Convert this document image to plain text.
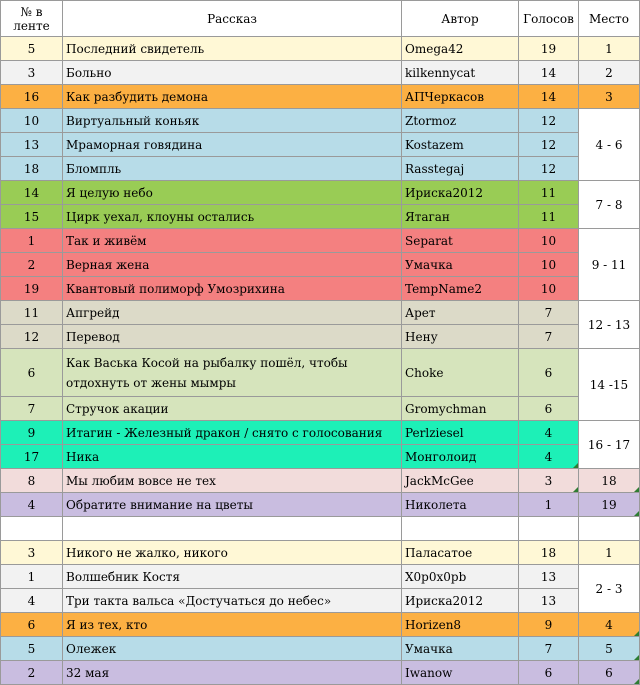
№ в ленте	Рассказ	Автор	Голосов	Место
5	Последний свидетель	Omega42	19	1
3	Больно	kilkennycat	14	2
16	Как разбудить демона	АПЧеркасов	14	3
10	Виртуальный коньяк	Ztormoz	12	4 - 6
13	Мраморная говядина	Kostazem	12	
18	Бломпль	Rasstegaj	12	
14	Я целую небо	Ириска2012	11	7 - 8
15	Цирк уехал, клоуны остались	Ятаган	11	
1	Так и живём	Separat	10	9 - 11
2	Верная жена	Умачка	10	
19	Квантовый полиморф Умозрихина	TempName2	10	
11	Апгрейд	Арет	7	12 - 13
12	Перевод	Нену	7	
6	Как Васька Косой на рыбалку пошёл, чтобы отдохнуть от жены мымры	Choke	6	14 -15
7	Стручок акации	Gromychman	6	
9	Итагин - Железный дракон / снято с голосования	Perlziesel	4	16 - 17
17	Ника	Монголоид	4	
8	Мы любим вовсе не тех	JackMcGee	3	18
4	Обратите внимание на цветы	Николета	1	19

3	Никого не жалко, никого	Паласатое	18	1
1	Волшебник Костя	X0p0x0pb	13	2 - 3
4	Три такта вальса «Достучаться до небес»	Ириска2012	13	
6	Я из тех, кто	Horizen8	9	4
5	Олежек	Умачка	7	5
2	32 мая	Iwanow	6	6
